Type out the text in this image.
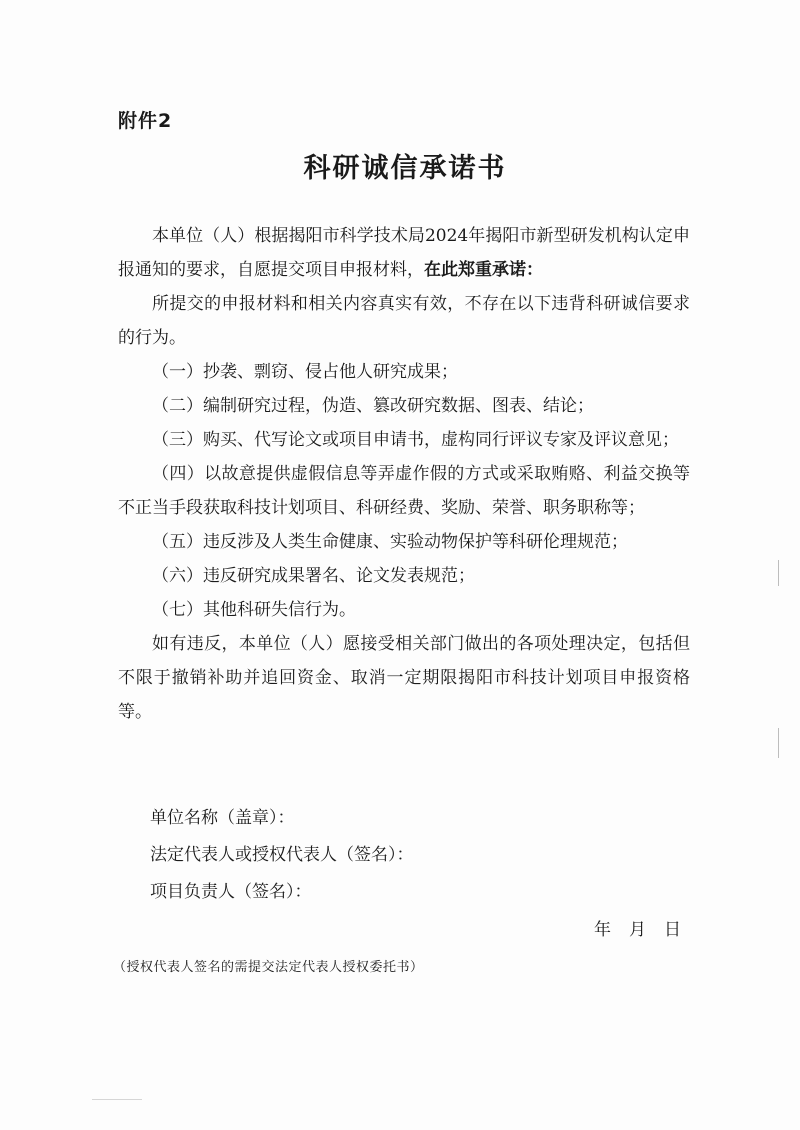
附件2
科研诚信承诺书

本单位（人）根据揭阳市科学技术局2024年揭阳市新型研发机构认定申报通知的要求，自愿提交项目申报材料，在此郑重承诺：

所提交的申报材料和相关内容真实有效，不存在以下违背科研诚信要求的行为。

（一）抄袭、剽窃、侵占他人研究成果；

（二）编制研究过程，伪造、篡改研究数据、图表、结论；

（三）购买、代写论文或项目申请书，虚构同行评议专家及评议意见；

（四）以故意提供虚假信息等弄虚作假的方式或采取贿赂、利益交换等不正当手段获取科技计划项目、科研经费、奖励、荣誉、职务职称等；

（五）违反涉及人类生命健康、实验动物保护等科研伦理规范；

（六）违反研究成果署名、论文发表规范；

（七）其他科研失信行为。

如有违反，本单位（人）愿接受相关部门做出的各项处理决定，包括但不限于撤销补助并追回资金、取消一定期限揭阳市科技计划项目申报资格等。

单位名称（盖章）：

法定代表人或授权代表人（签名）：

项目负责人（签名）：

年 月 日
（授权代表人签名的需提交法定代表人授权委托书）
